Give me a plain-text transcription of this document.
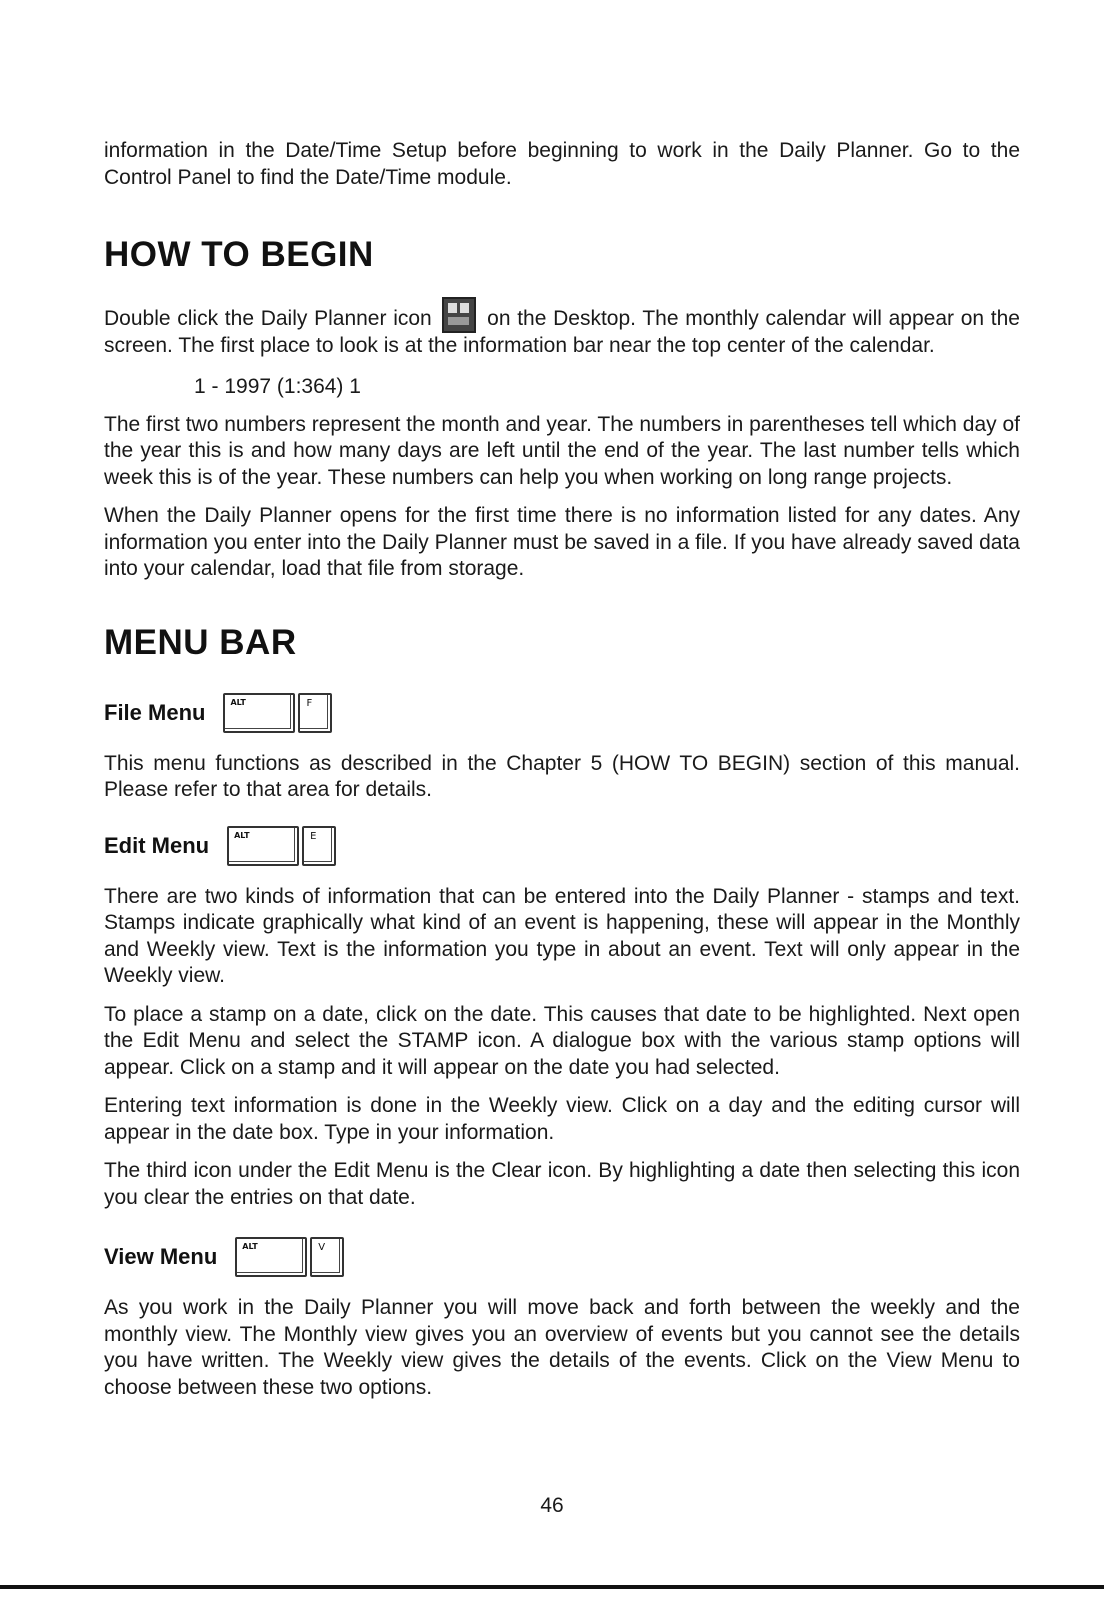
information in the Date/Time Setup before beginning to work in the Daily Planner. Go to the Control Panel to find the Date/Time module.

HOW TO BEGIN

Double click the Daily Planner icon	on the Desktop. The monthly calendar will appear on the screen. The first place to look is at the information bar near the top center of the calendar.

1 - 1997 (1:364) 1

The first two numbers represent the month and year. The numbers in parentheses tell which day of the year this is and how many days are left until the end of the year. The last number tells which week this is of the year. These numbers can help you when working on long range projects.

When the Daily Planner opens for the first time there is no information listed for any dates. Any information you enter into the Daily Planner must be saved in a file. If you have already saved data into your calendar, load that file from storage.

MENU BAR
File Menu	ALT	F

This menu functions as described in the Chapter 5 (HOW TO BEGIN) section of this manual. Please refer to that area for details.

Edit Menu	ALT	E

There are two kinds of information that can be entered into the Daily Planner - stamps and text. Stamps indicate graphically what kind of an event is happening, these will appear in the Monthly and Weekly view. Text is the information you type in about an event. Text will only appear in the Weekly view.

To place a stamp on a date, click on the date. This causes that date to be highlighted. Next open the Edit Menu and select the STAMP icon. A dialogue box with the various stamp options will appear. Click on a stamp and it will appear on the date you had selected.

Entering text information is done in the Weekly view. Click on a day and the editing cursor will appear in the date box. Type in your information.

The third icon under the Edit Menu is the Clear icon. By highlighting a date then selecting this icon you clear the entries on that date.

View Menu	ALT	V

As you work in the Daily Planner you will move back and forth between the weekly and the monthly view. The Monthly view gives you an overview of events but you cannot see the details you have written. The Weekly view gives the details of the events. Click on the View Menu to choose between these two options.

46
